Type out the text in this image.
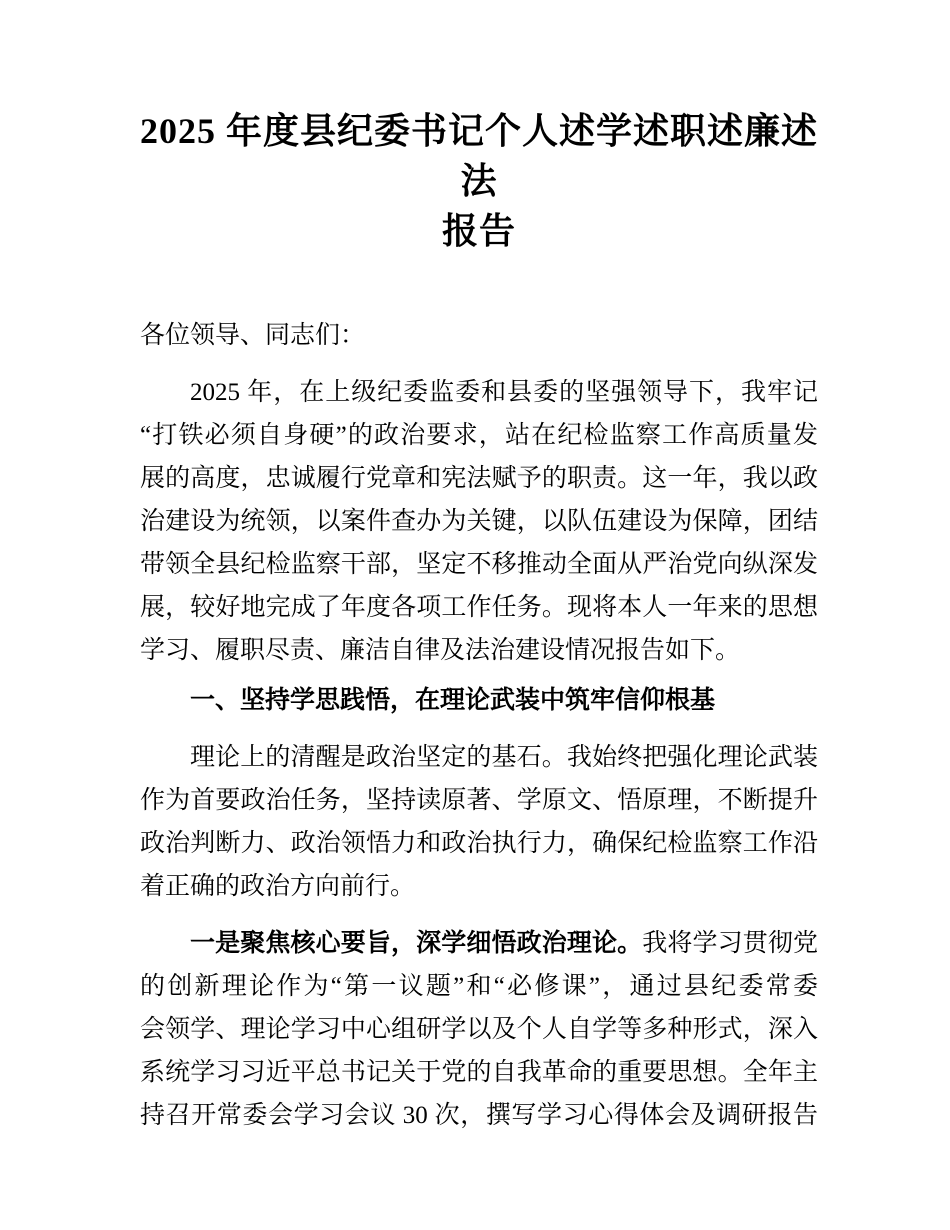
2025 年度县纪委书记个人述学述职述廉述法
报告
各位领导、同志们：
2025 年，在上级纪委监委和县委的坚强领导下，我牢记
“打铁必须自身硬”的政治要求，站在纪检监察工作高质量发
展的高度，忠诚履行党章和宪法赋予的职责。这一年，我以政
治建设为统领，以案件查办为关键，以队伍建设为保障，团结
带领全县纪检监察干部，坚定不移推动全面从严治党向纵深发
展，较好地完成了年度各项工作任务。现将本人一年来的思想
学习、履职尽责、廉洁自律及法治建设情况报告如下。
一、坚持学思践悟，在理论武装中筑牢信仰根基
理论上的清醒是政治坚定的基石。我始终把强化理论武装
作为首要政治任务，坚持读原著、学原文、悟原理，不断提升
政治判断力、政治领悟力和政治执行力，确保纪检监察工作沿
着正确的政治方向前行。
一是聚焦核心要旨，深学细悟政治理论。我将学习贯彻党
的创新理论作为“第一议题”和“必修课”，通过县纪委常委
会领学、理论学习中心组研学以及个人自学等多种形式，深入
系统学习习近平总书记关于党的自我革命的重要思想。全年主
持召开常委会学习会议 30 次，撰写学习心得体会及调研报告
